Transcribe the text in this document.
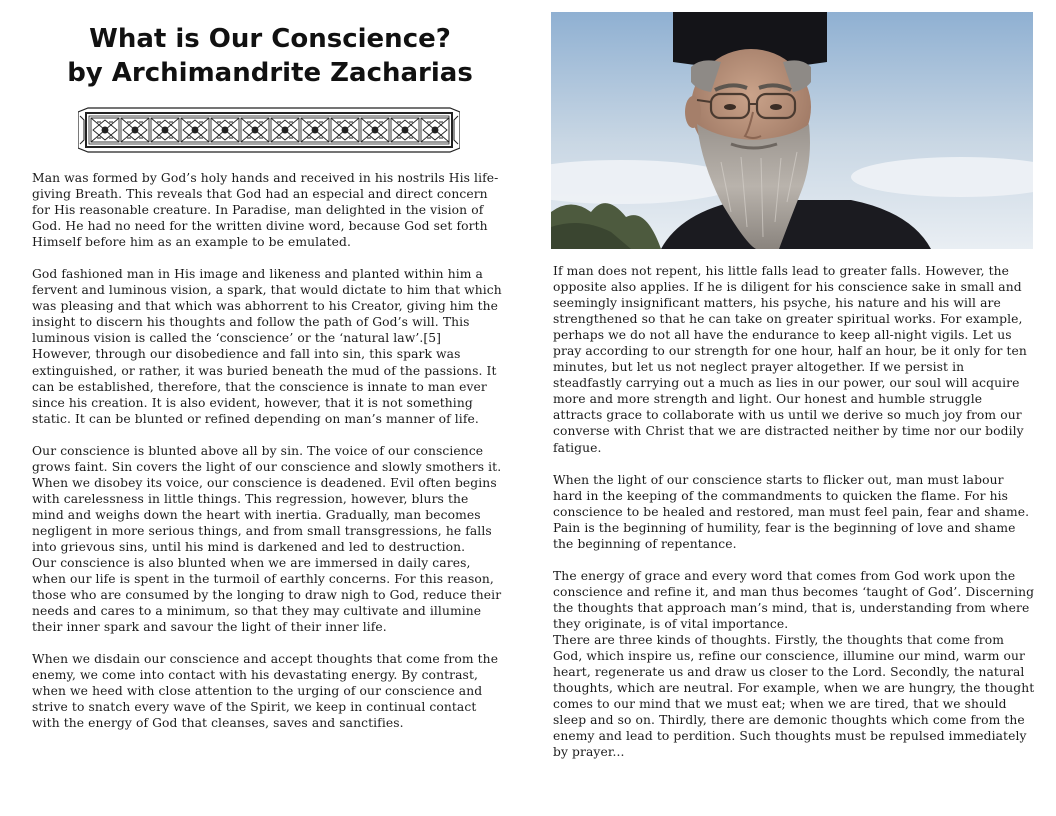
What is Our Conscience?
by Archimandrite Zacharias

Man was formed by God’s holy hands and received in his nostrils His life-giving Breath. This reveals that God had an especial and direct concern for His reasonable creature. In Paradise, man delighted in the vision of God. He had no need for the written divine word, because God set forth Himself before him as an example to be emulated.

God fashioned man in His image and likeness and planted within him a fervent and luminous vision, a spark, that would dictate to him that which was pleasing and that which was abhorrent to his Creator, giving him the insight to discern his thoughts and follow the path of God’s will. This luminous vision is called the ‘conscience’ or the ‘natural law’.[5] However, through our disobedience and fall into sin, this spark was extinguished, or rather, it was buried beneath the mud of the passions. It can be established, therefore, that the conscience is innate to man ever since his creation. It is also evident, however, that it is not something static. It can be blunted or refined depending on man’s manner of life.

Our conscience is blunted above all by sin. The voice of our conscience grows faint. Sin covers the light of our conscience and slowly smothers it. When we disobey its voice, our conscience is deadened. Evil often begins with carelessness in little things. This regression, however, blurs the mind and weighs down the heart with inertia. Gradually, man becomes negligent in more serious things, and from small transgressions, he falls into grievous sins, until his mind is darkened and led to destruction.

Our conscience is also blunted when we are immersed in daily cares, when our life is spent in the turmoil of earthly concerns. For this reason, those who are consumed by the longing to draw nigh to God, reduce their needs and cares to a minimum, so that they may cultivate and illumine their inner spark and savour the light of their inner life.

When we disdain our conscience and accept thoughts that come from the enemy, we come into contact with his devastating energy. By contrast, when we heed with close attention to the urging of our conscience and strive to snatch every wave of the Spirit, we keep in continual contact with the energy of God that cleanses, saves and sanctifies.

If man does not repent, his little falls lead to greater falls. However, the opposite also applies. If he is diligent for his conscience sake in small and seemingly insignificant matters, his psyche, his nature and his will are strengthened so that he can take on greater spiritual works. For example, perhaps we do not all have the endurance to keep all-night vigils. Let us pray according to our strength for one hour, half an hour, be it only for ten minutes, but let us not neglect prayer altogether. If we persist in steadfastly carrying out a much as lies in our power, our soul will acquire more and more strength and light. Our honest and humble struggle attracts grace to collaborate with us until we derive so much joy from our converse with Christ that we are distracted neither by time nor our bodily fatigue.

When the light of our conscience starts to flicker out, man must labour hard in the keeping of the commandments to quicken the flame. For his conscience to be healed and restored, man must feel pain, fear and shame. Pain is the beginning of humility, fear is the beginning of love and shame the beginning of repentance.

The energy of grace and every word that comes from God work upon the conscience and refine it, and man thus becomes ‘taught of God’. Discerning the thoughts that approach man’s mind, that is, understanding from where they originate, is of vital importance.

There are three kinds of thoughts. Firstly, the thoughts that come from God, which inspire us, refine our conscience, illumine our mind, warm our heart, regenerate us and draw us closer to the Lord. Secondly, the natural thoughts, which are neutral. For example, when we are hungry, the thought comes to our mind that we must eat; when we are tired, that we should sleep and so on. Thirdly, there are demonic thoughts which come from the enemy and lead to perdition. Such thoughts must be repulsed immediately by prayer...
